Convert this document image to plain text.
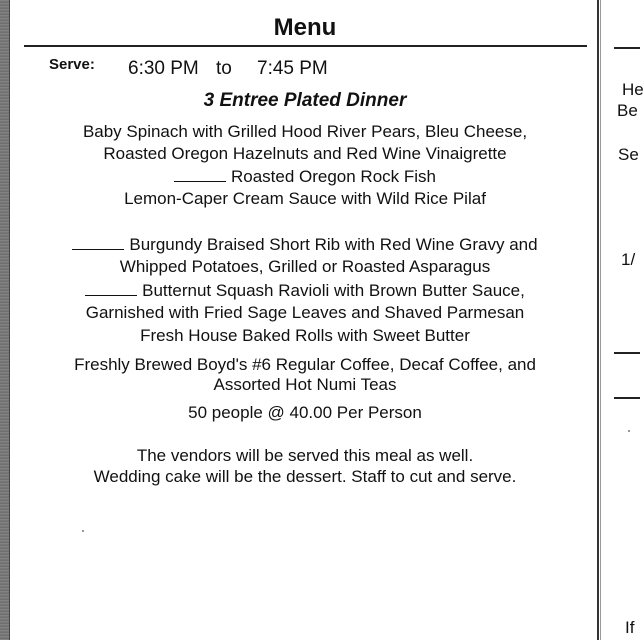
Menu
Serve: 6:30 PM to 7:45 PM
3 Entree Plated Dinner
Baby Spinach with Grilled Hood River Pears, Bleu Cheese,
Roasted Oregon Hazelnuts and Red Wine Vinaigrette
Roasted Oregon Rock Fish
Lemon-Caper Cream Sauce with Wild Rice Pilaf
Burgundy Braised Short Rib with Red Wine Gravy and
Whipped Potatoes, Grilled or Roasted Asparagus
Butternut Squash Ravioli with Brown Butter Sauce,
Garnished with Fried Sage Leaves and Shaved Parmesan
Fresh House Baked Rolls with Sweet Butter
Freshly Brewed Boyd's #6 Regular Coffee, Decaf Coffee, and
Assorted Hot Numi Teas
50 people @ 40.00 Per Person
The vendors will be served this meal as well.
Wedding cake will be the dessert. Staff to cut and serve.
He
Be
Se
1/
If
